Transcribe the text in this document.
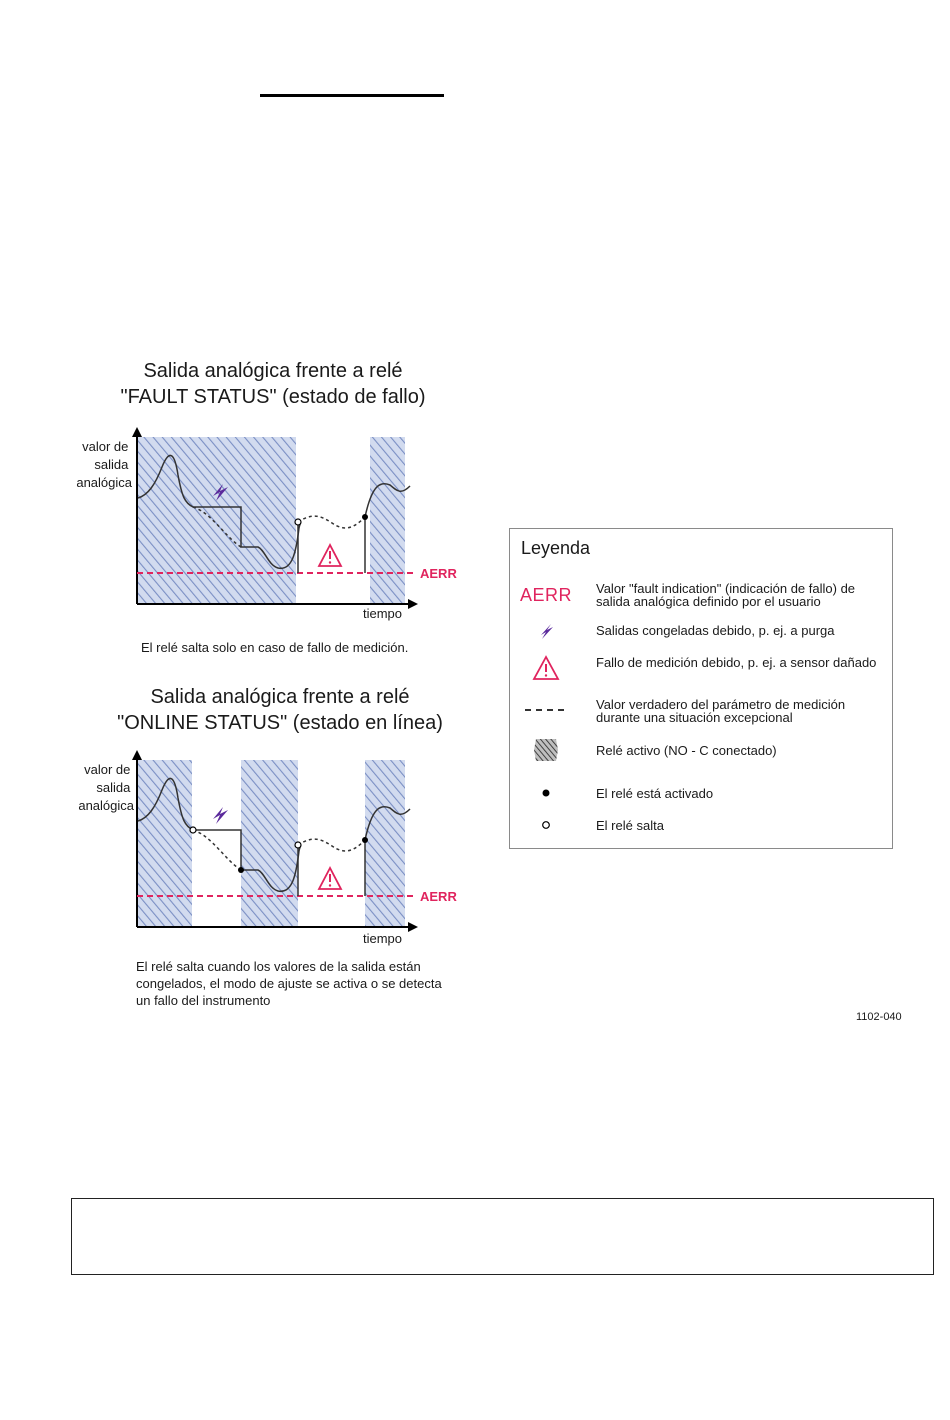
Salida analógica frente a relé
"FAULT STATUS" (estado de fallo)
valor de salida analógica
AERR
tiempo
El relé salta solo en caso de fallo de medición.
Salida analógica frente a relé
"ONLINE STATUS" (estado en línea)
valor de salida analógica
AERR
tiempo
El relé salta cuando los valores de la salida están congelados, el modo de ajuste se activa o se detecta un fallo del instrumento
Leyenda
AERR Valor "fault indication" (indicación de fallo) de salida analógica definido por el usuario
Salidas congeladas debido, p. ej. a purga
Fallo de medición debido, p. ej. a sensor dañado
Valor verdadero del parámetro de medición durante una situación excepcional
Relé activo (NO - C conectado)
El relé está activado
El relé salta
1102-040
